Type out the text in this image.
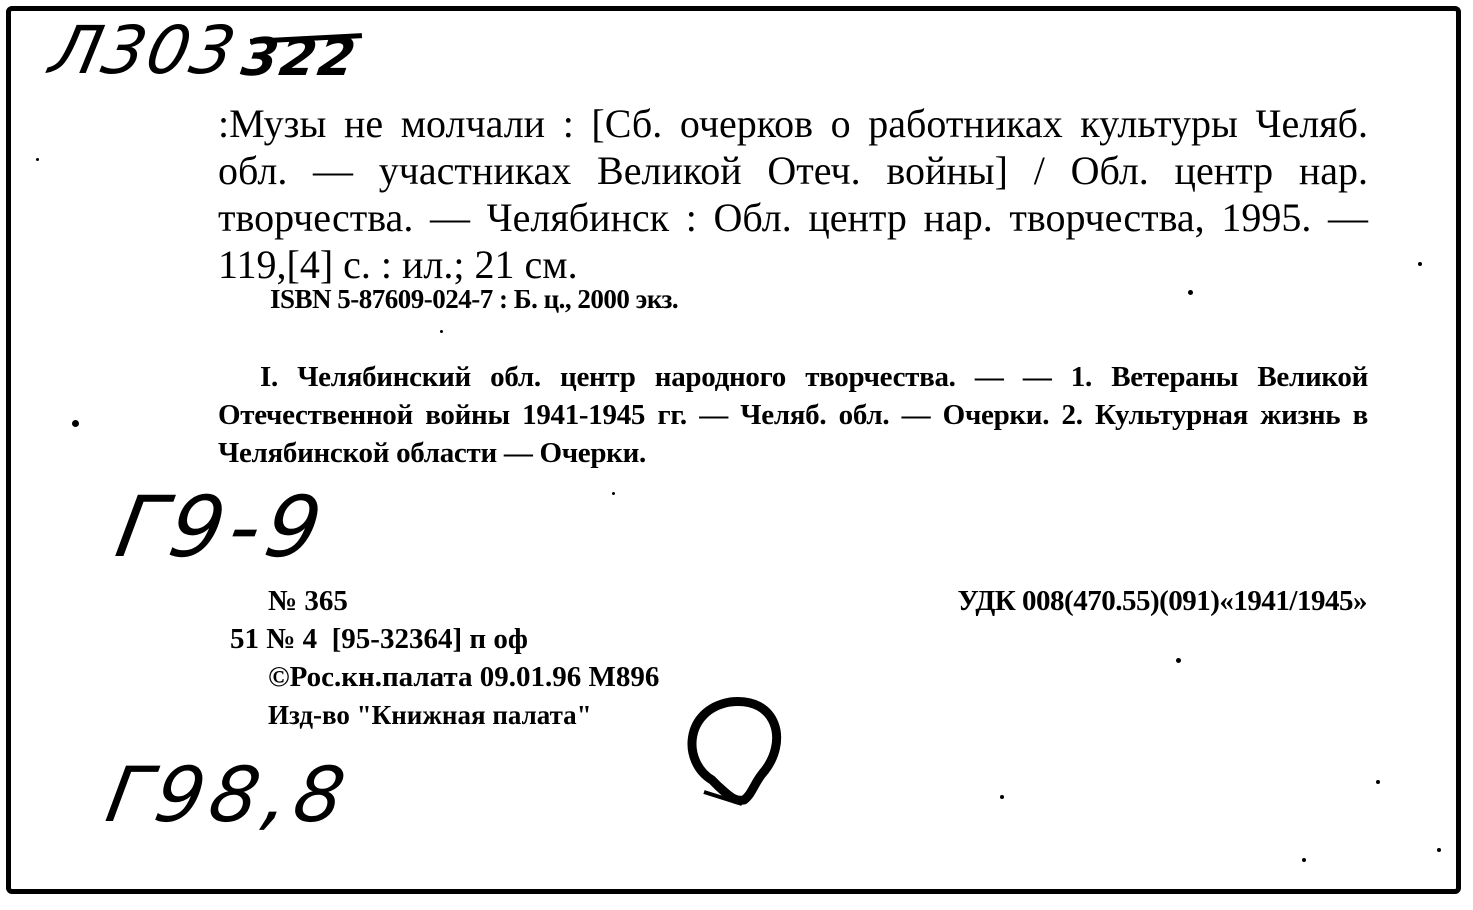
Л303
322
:Музы не молчали : [Сб. очерков о работниках культуры Челяб. обл. — участниках Великой Отеч. войны] / Обл. центр нар. творчества. — Челябинск : Обл. центр нар. творчества, 1995. — 119,[4] с. : ил.; 21 см.
ISBN 5-87609-024-7 : Б. ц., 2000 экз.
I. Челябинский обл. центр народного творчества. — — 1. Ветераны Великой Отечественной войны 1941-1945 гг. — Челяб. обл. — Очерки. 2. Культурная жизнь в Челябинской области — Очерки.
Г9-9
№ 365
51 № 4  [95-32364] п оф
©Рос.кн.палата 09.01.96 М896
Изд-во "Книжная палата"
УДК 008(470.55)(091)«1941/1945»
Г98,8
